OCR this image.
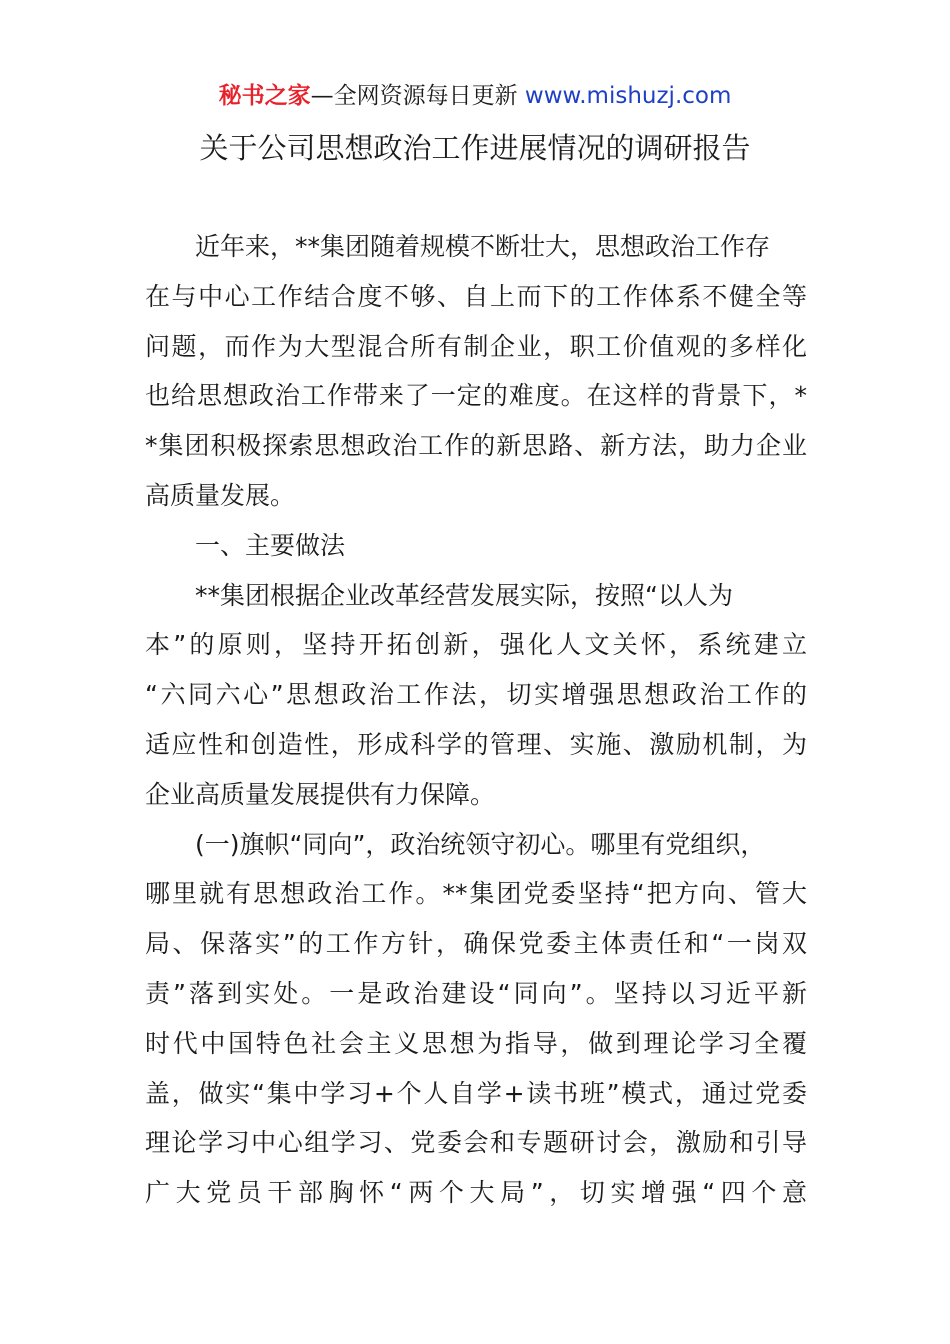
秘书之家—全网资源每日更新 www.mishuzj.com
关于公司思想政治工作进展情况的调研报告
近年来，**集团随着规模不断壮大，思想政治工作存
在与中心工作结合度不够、自上而下的工作体系不健全等
问题，而作为大型混合所有制企业，职工价值观的多样化
也给思想政治工作带来了一定的难度。在这样的背景下，*
*集团积极探索思想政治工作的新思路、新方法，助力企业
高质量发展。
一、主要做法
**集团根据企业改革经营发展实际，按照“以人为
本”的原则，坚持开拓创新，强化人文关怀，系统建立
“六同六心”思想政治工作法，切实增强思想政治工作的
适应性和创造性，形成科学的管理、实施、激励机制，为
企业高质量发展提供有力保障。
(一)旗帜“同向”，政治统领守初心。哪里有党组织，
哪里就有思想政治工作。**集团党委坚持“把方向、管大
局、保落实”的工作方针，确保党委主体责任和“一岗双
责”落到实处。一是政治建设“同向”。坚持以习近平新
时代中国特色社会主义思想为指导，做到理论学习全覆
盖，做实“集中学习+个人自学+读书班”模式，通过党委
理论学习中心组学习、党委会和专题研讨会，激励和引导
广大党员干部胸怀“两个大局”，切实增强“四个意
